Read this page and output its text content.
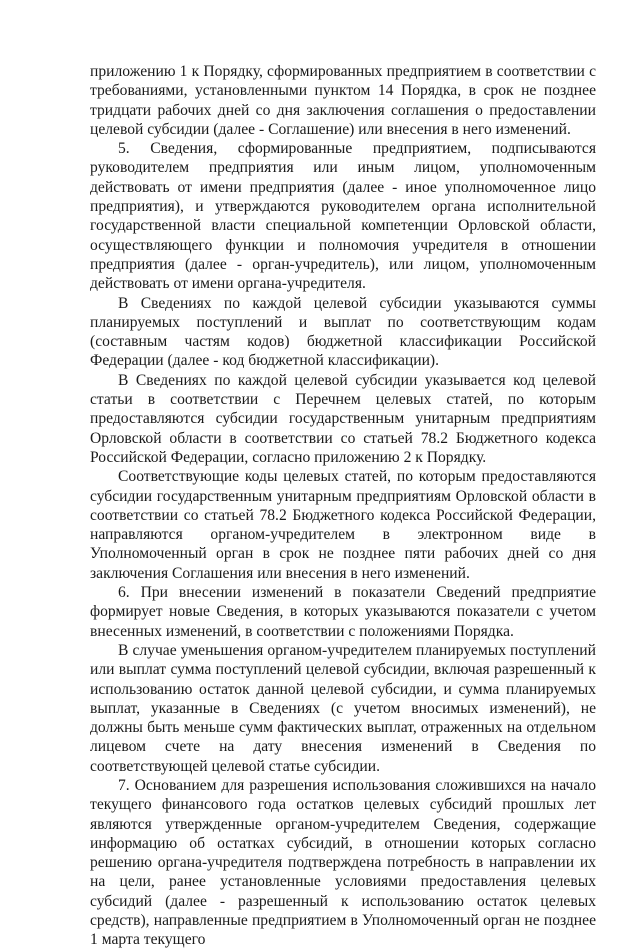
приложению 1 к Порядку, сформированных предприятием в соответствии с требованиями, установленными пунктом 14 Порядка, в срок не позднее тридцати рабочих дней со дня заключения соглашения о предоставлении целевой субсидии (далее - Соглашение) или внесения в него изменений.

5. Сведения, сформированные предприятием, подписываются руководителем предприятия или иным лицом, уполномоченным действовать от имени предприятия (далее - иное уполномоченное лицо предприятия), и утверждаются руководителем органа исполнительной государственной власти специальной компетенции Орловской области, осуществляющего функции и полномочия учредителя в отношении предприятия (далее - орган-учредитель), или лицом, уполномоченным действовать от имени органа-учредителя.

В Сведениях по каждой целевой субсидии указываются суммы планируемых поступлений и выплат по соответствующим кодам (составным частям кодов) бюджетной классификации Российской Федерации (далее - код бюджетной классификации).

В Сведениях по каждой целевой субсидии указывается код целевой статьи в соответствии с Перечнем целевых статей, по которым предоставляются субсидии государственным унитарным предприятиям Орловской области в соответствии со статьей 78.2 Бюджетного кодекса Российской Федерации, согласно приложению 2 к Порядку.

Соответствующие коды целевых статей, по которым предоставляются субсидии государственным унитарным предприятиям Орловской области в соответствии со статьей 78.2 Бюджетного кодекса Российской Федерации, направляются органом-учредителем в электронном виде в Уполномоченный орган в срок не позднее пяти рабочих дней со дня заключения Соглашения или внесения в него изменений.

6. При внесении изменений в показатели Сведений предприятие формирует новые Сведения, в которых указываются показатели с учетом внесенных изменений, в соответствии с положениями Порядка.

В случае уменьшения органом-учредителем планируемых поступлений или выплат сумма поступлений целевой субсидии, включая разрешенный к использованию остаток данной целевой субсидии, и сумма планируемых выплат, указанные в Сведениях (с учетом вносимых изменений), не должны быть меньше сумм фактических выплат, отраженных на отдельном лицевом счете на дату внесения изменений в Сведения по соответствующей целевой статье субсидии.

7. Основанием для разрешения использования сложившихся на начало текущего финансового года остатков целевых субсидий прошлых лет являются утвержденные органом-учредителем Сведения, содержащие информацию об остатках субсидий, в отношении которых согласно решению органа-учредителя подтверждена потребность в направлении их на цели, ранее установленные условиями предоставления целевых субсидий (далее - разрешенный к использованию остаток целевых средств), направленные предприятием в Уполномоченный орган не позднее 1 марта текущего
